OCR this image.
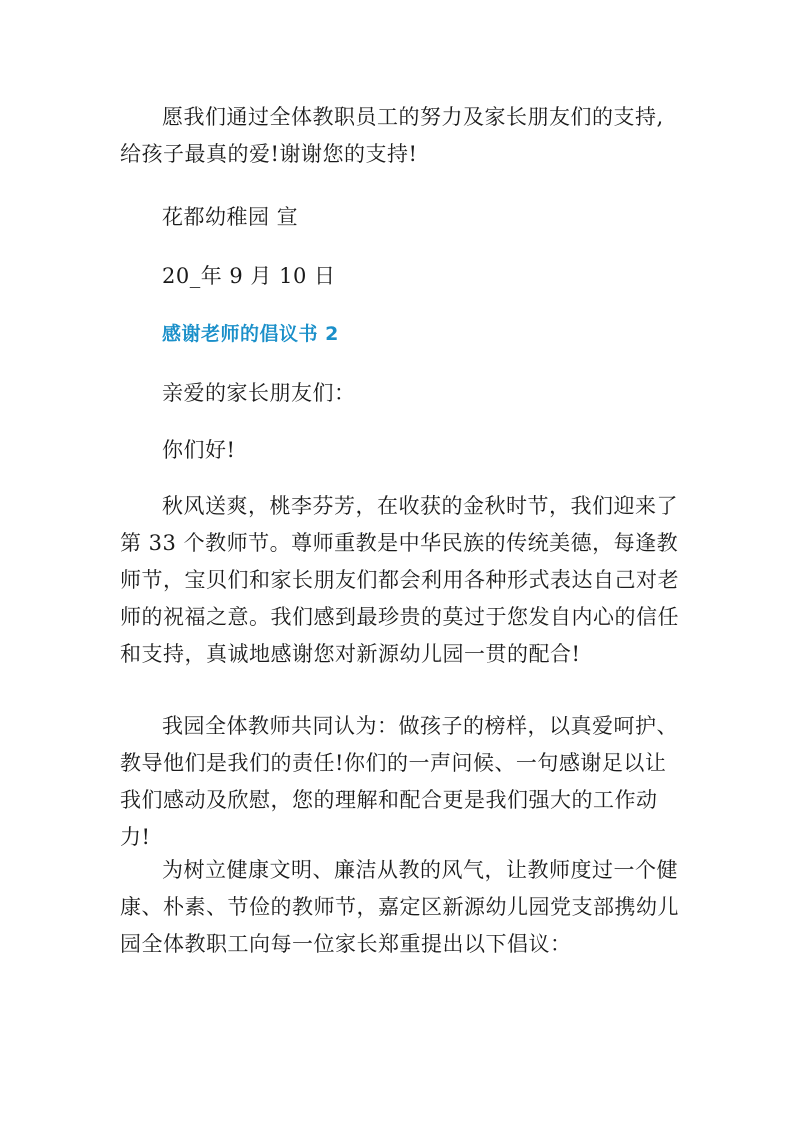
愿我们通过全体教职员工的努力及家长朋友们的支持,给孩子最真的爱!谢谢您的支持!

花都幼稚园 宣

20_年 9 月 10 日

感谢老师的倡议书 2

亲爱的家长朋友们：

你们好!

秋风送爽，桃李芬芳，在收获的金秋时节，我们迎来了第 33 个教师节。尊师重教是中华民族的传统美德，每逢教师节，宝贝们和家长朋友们都会利用各种形式表达自己对老师的祝福之意。我们感到最珍贵的莫过于您发自内心的信任和支持，真诚地感谢您对新源幼儿园一贯的配合!

我园全体教师共同认为：做孩子的榜样，以真爱呵护、教导他们是我们的责任!你们的一声问候、一句感谢足以让我们感动及欣慰，您的理解和配合更是我们强大的工作动力!

为树立健康文明、廉洁从教的风气，让教师度过一个健康、朴素、节俭的教师节，嘉定区新源幼儿园党支部携幼儿园全体教职工向每一位家长郑重提出以下倡议：
